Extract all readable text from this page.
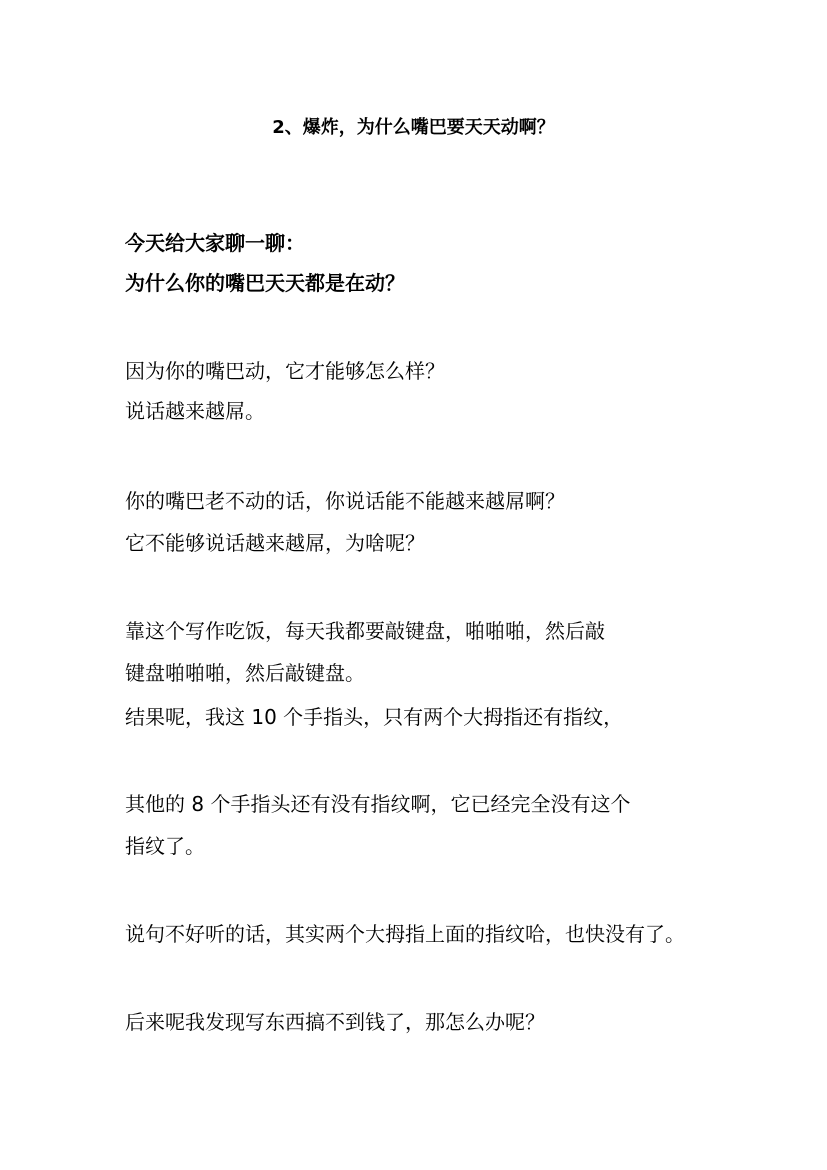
2、爆炸，为什么嘴巴要天天动啊？
今天给大家聊一聊：
为什么你的嘴巴天天都是在动？
因为你的嘴巴动，它才能够怎么样？
说话越来越屌。
你的嘴巴老不动的话，你说话能不能越来越屌啊？
它不能够说话越来越屌，为啥呢？
靠这个写作吃饭，每天我都要敲键盘，啪啪啪，然后敲
键盘啪啪啪，然后敲键盘。
结果呢，我这 10 个手指头，只有两个大拇指还有指纹，
其他的 8 个手指头还有没有指纹啊，它已经完全没有这个
指纹了。
说句不好听的话，其实两个大拇指上面的指纹哈，也快没有了。
后来呢我发现写东西搞不到钱了，那怎么办呢？
